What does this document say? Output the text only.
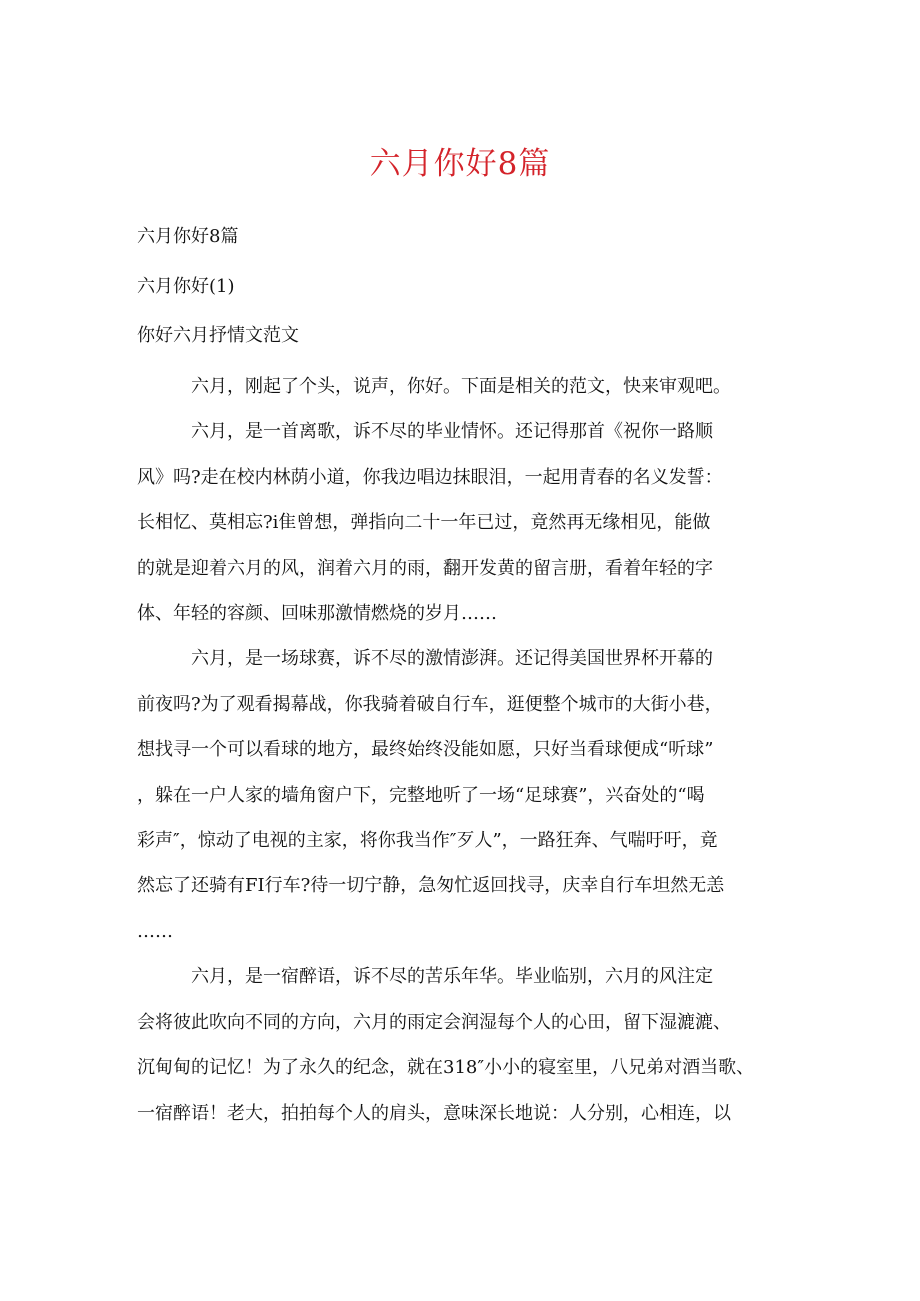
六月你好8篇

六月你好8篇

六月你好(1)

你好六月抒情文范文

六月，刚起了个头，说声，你好。下面是相关的范文，快来审观吧。

六月，是一首离歌，诉不尽的毕业情怀。还记得那首《祝你一路顺
风》吗?走在校内林荫小道，你我边唱边抹眼泪，一起用青春的名义发誓：
长相忆、莫相忘?i隹曾想，弹指向二十一年已过，竟然再无缘相见，能做
的就是迎着六月的风，润着六月的雨，翻开发黄的留言册，看着年轻的字
体、年轻的容颜、回味那激情燃烧的岁月……

六月，是一场球赛，诉不尽的激情澎湃。还记得美国世界杯开幕的
前夜吗?为了观看揭幕战，你我骑着破自行车，逛便整个城市的大街小巷，
想找寻一个可以看球的地方，最终始终没能如愿，只好当看球便成“听球”
，躲在一户人家的墙角窗户下，完整地听了一场“足球赛”，兴奋处的“喝
彩声″，惊动了电视的主家，将你我当作″歹人”，一路狂奔、气喘吁吁，竟
然忘了还骑有FI行车?待一切宁静，急匆忙返回找寻，庆幸自行车坦然无恙
……

六月，是一宿醉语，诉不尽的苦乐年华。毕业临别，六月的风注定
会将彼此吹向不同的方向，六月的雨定会润湿每个人的心田，留下湿漉漉、
沉甸甸的记忆！为了永久的纪念，就在318″小小的寝室里，八兄弟对酒当歌、
一宿醉语！老大，拍拍每个人的肩头，意味深长地说：人分别，心相连，以
